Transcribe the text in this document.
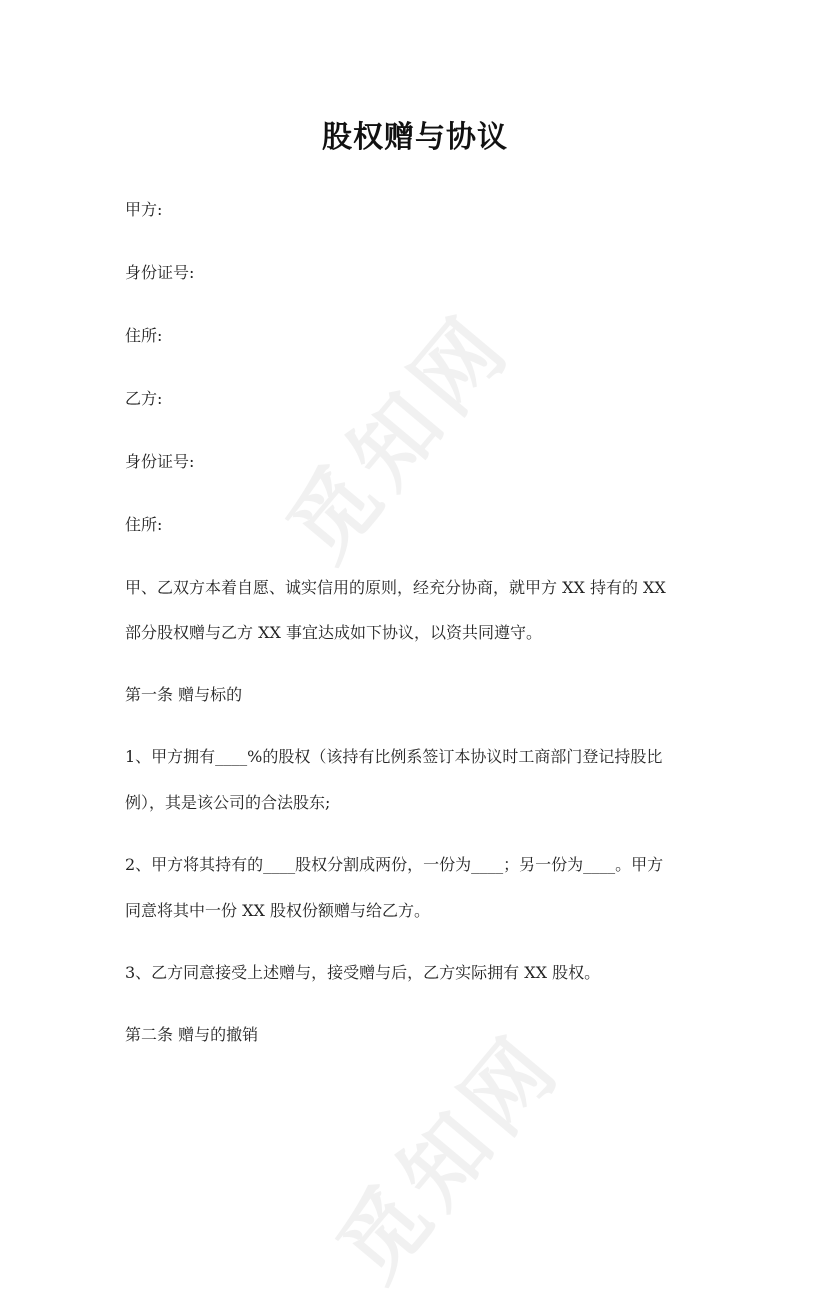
觅知网
觅知网
股权赠与协议
甲方:
身份证号:
住所:
乙方:
身份证号:
住所:
甲、乙双方本着自愿、诚实信用的原则，经充分协商，就甲方 XX 持有的 XX
部分股权赠与乙方 XX 事宜达成如下协议，以资共同遵守。
第一条 赠与标的
1、甲方拥有____%的股权（该持有比例系签订本协议时工商部门登记持股比
例），其是该公司的合法股东;
2、甲方将其持有的____股权分割成两份，一份为____；另一份为____。甲方
同意将其中一份 XX 股权份额赠与给乙方。
3、乙方同意接受上述赠与，接受赠与后，乙方实际拥有 XX 股权。
第二条 赠与的撤销
